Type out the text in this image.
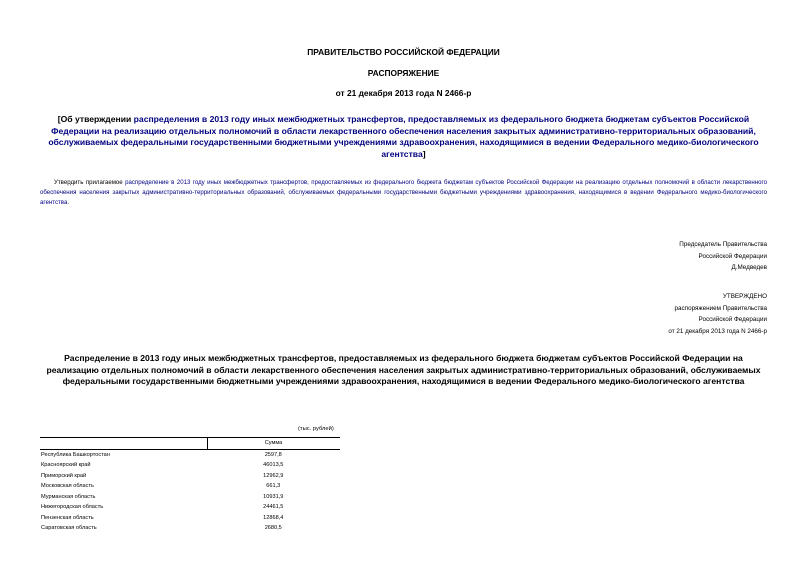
ПРАВИТЕЛЬСТВО РОССИЙСКОЙ ФЕДЕРАЦИИ
РАСПОРЯЖЕНИЕ
от 21 декабря 2013 года N 2466-р
[Об утверждении распределения в 2013 году иных межбюджетных трансфертов, предоставляемых из федерального бюджета бюджетам субъектов Российской Федерации на реализацию отдельных полномочий в области лекарственного обеспечения населения закрытых административно-территориальных образований, обслуживаемых федеральными государственными бюджетными учреждениями здравоохранения, находящимися в ведении Федерального медико-биологического агентства]
Утвердить прилагаемое распределение в 2013 году иных межбюджетных трансфертов, предоставляемых из федерального бюджета бюджетам субъектов Российской Федерации на реализацию отдельных полномочий в области лекарственного обеспечения населения закрытых административно-территориальных образований, обслуживаемых федеральными государственными бюджетными учреждениями здравоохранения, находящимися в ведении Федерального медико-биологического агентства.
Председатель Правительства
Российской Федерации
Д.Медведев
УТВЕРЖДЕНО
распоряжением Правительства
Российской Федерации
от 21 декабря 2013 года N 2466-р
Распределение в 2013 году иных межбюджетных трансфертов, предоставляемых из федерального бюджета бюджетам субъектов Российской Федерации на реализацию отдельных полномочий в области лекарственного обеспечения населения закрытых административно-территориальных образований, обслуживаемых федеральными государственными бюджетными учреждениями здравоохранения, находящимися в ведении Федерального медико-биологического агентства
(тыс. рублей)
	Сумма
Республика Башкортостан	2597,8
Красноярский край	46013,5
Приморский край	12962,9
Московская область	661,3
Мурманская область	10931,9
Нижегородская область	24461,5
Пензенская область	12868,4
Саратовская область	2680,5
